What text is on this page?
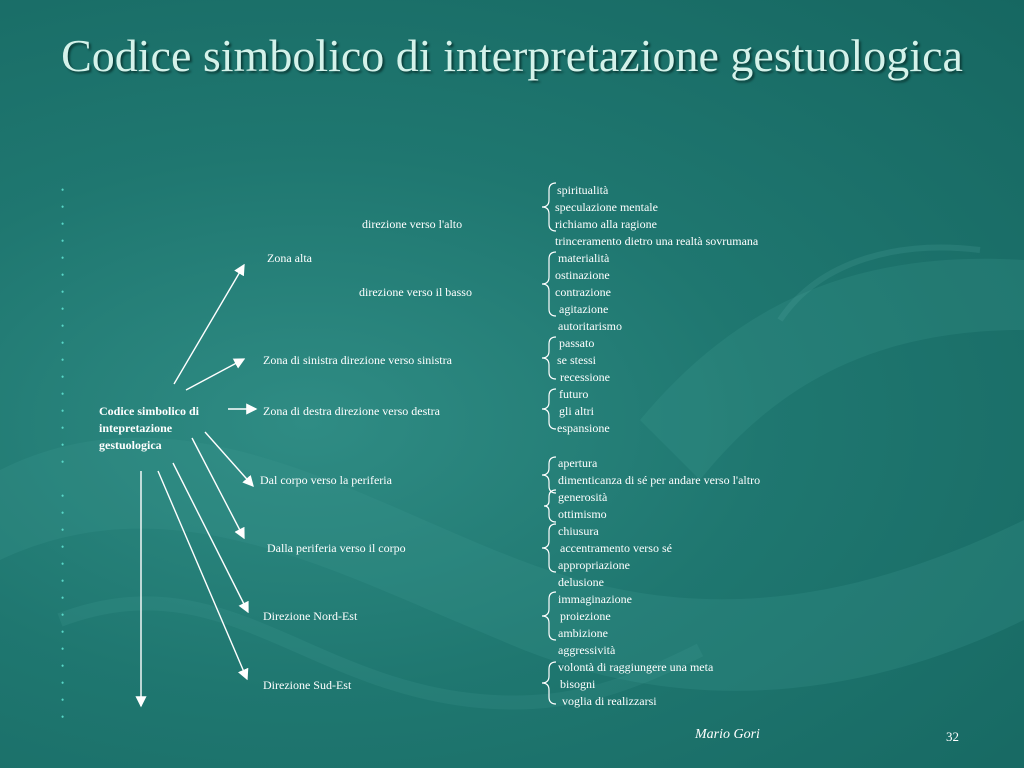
Codice simbolico di interpretazione gestuologica
•
•
•
•
•
•
•
•
•
•
•
•
•
•
•
•
•
•
•
•
•
•
•
•
•
•
•
•
•
•
•
Codice simbolico di
intepretazione
gestuologica
direzione verso l'alto
Zona alta
direzione verso il basso
Zona di sinistra direzione verso sinistra
Zona di destra direzione verso destra
Dal corpo verso la periferia
Dalla periferia verso il corpo
Direzione Nord-Est
Direzione Sud-Est
spiritualità
speculazione mentale
richiamo alla ragione
trinceramento dietro una realtà sovrumana
materialità
ostinazione
contrazione
agitazione
autoritarismo
passato
se stessi
recessione
futuro
gli altri
espansione
apertura
dimenticanza di sé per andare verso l'altro
generosità
ottimismo
chiusura
accentramento verso sé
appropriazione
delusione
immaginazione
proiezione
ambizione
aggressività
volontà di raggiungere una meta
bisogni
voglia di realizzarsi
Mario Gori	32
